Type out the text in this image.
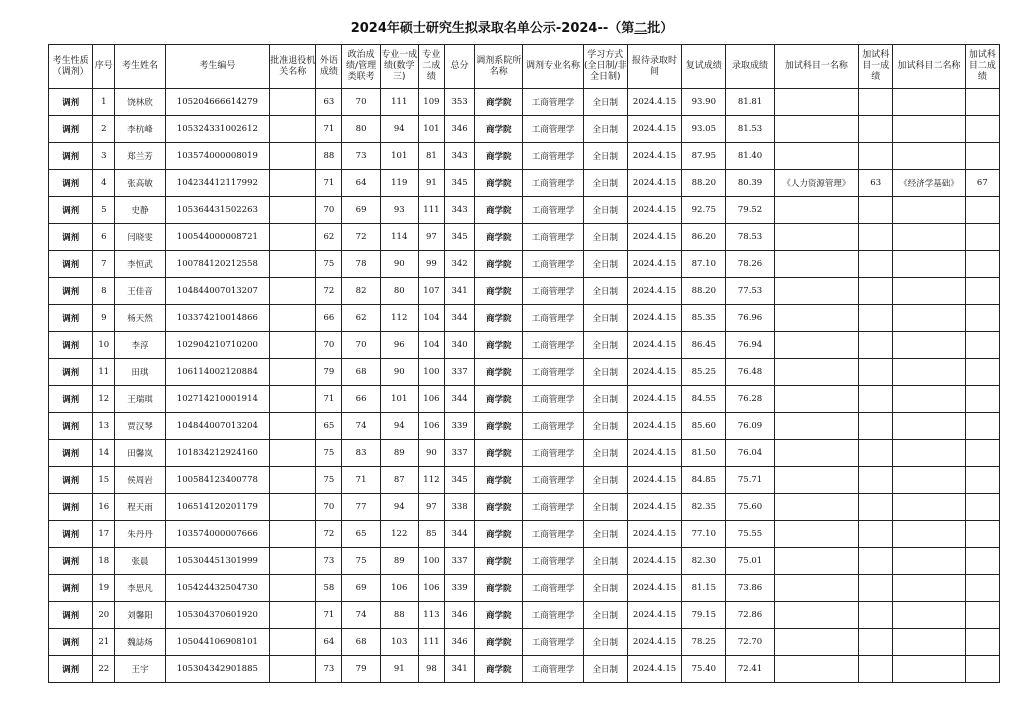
2024年硕士研究生拟录取名单公示-2024--（第二批）
考生性质（调剂）	序号	考生姓名	考生编号	批准退役机关名称	外语成绩	政治成绩/管理类联考	专业一成绩(数学三)	专业二成绩	总分	调剂系院所名称	调剂专业名称	学习方式(全日制/非全日制)	报待录取时间	复试成绩	录取成绩	加试科目一名称	加试科目一成绩	加试科目二名称	加试科目二成绩
调剂	1	饶林欣	105204666614279		63	70	111	109	353	商学院	工商管理学	全日制	2024.4.15	93.90	81.81				
调剂	2	李杭峰	105324331002612		71	80	94	101	346	商学院	工商管理学	全日制	2024.4.15	93.05	81.53				
调剂	3	郑兰芳	103574000008019		88	73	101	81	343	商学院	工商管理学	全日制	2024.4.15	87.95	81.40				
调剂	4	张高敏	104234412117992		71	64	119	91	345	商学院	工商管理学	全日制	2024.4.15	88.20	80.39	《人力资源管理》	63	《经济学基础》	67
调剂	5	史静	105364431502263		70	69	93	111	343	商学院	工商管理学	全日制	2024.4.15	92.75	79.52				
调剂	6	闫晓雯	100544000008721		62	72	114	97	345	商学院	工商管理学	全日制	2024.4.15	86.20	78.53				
调剂	7	李恒武	100784120212558		75	78	90	99	342	商学院	工商管理学	全日制	2024.4.15	87.10	78.26				
调剂	8	王佳音	104844007013207		72	82	80	107	341	商学院	工商管理学	全日制	2024.4.15	88.20	77.53				
调剂	9	杨天然	103374210014866		66	62	112	104	344	商学院	工商管理学	全日制	2024.4.15	85.35	76.96				
调剂	10	李淳	102904210710200		70	70	96	104	340	商学院	工商管理学	全日制	2024.4.15	86.45	76.94				
调剂	11	田琪	106114002120884		79	68	90	100	337	商学院	工商管理学	全日制	2024.4.15	85.25	76.48				
调剂	12	王瑞琪	102714210001914		71	66	101	106	344	商学院	工商管理学	全日制	2024.4.15	84.55	76.28				
调剂	13	贾汉琴	104844007013204		65	74	94	106	339	商学院	工商管理学	全日制	2024.4.15	85.60	76.09				
调剂	14	田馨岚	101834212924160		75	83	89	90	337	商学院	工商管理学	全日制	2024.4.15	81.50	76.04				
调剂	15	侯周岩	100584123400778		75	71	87	112	345	商学院	工商管理学	全日制	2024.4.15	84.85	75.71				
调剂	16	程天雨	106514120201179		70	77	94	97	338	商学院	工商管理学	全日制	2024.4.15	82.35	75.60				
调剂	17	朱丹丹	103574000007666		72	65	122	85	344	商学院	工商管理学	全日制	2024.4.15	77.10	75.55				
调剂	18	张晨	105304451301999		73	75	89	100	337	商学院	工商管理学	全日制	2024.4.15	82.30	75.01				
调剂	19	李思凡	105424432504730		58	69	106	106	339	商学院	工商管理学	全日制	2024.4.15	81.15	73.86				
调剂	20	刘馨阳	105304370601920		71	74	88	113	346	商学院	工商管理学	全日制	2024.4.15	79.15	72.86				
调剂	21	魏誌炀	105044106908101		64	68	103	111	346	商学院	工商管理学	全日制	2024.4.15	78.25	72.70				
调剂	22	王宇	105304342901885		73	79	91	98	341	商学院	工商管理学	全日制	2024.4.15	75.40	72.41				
